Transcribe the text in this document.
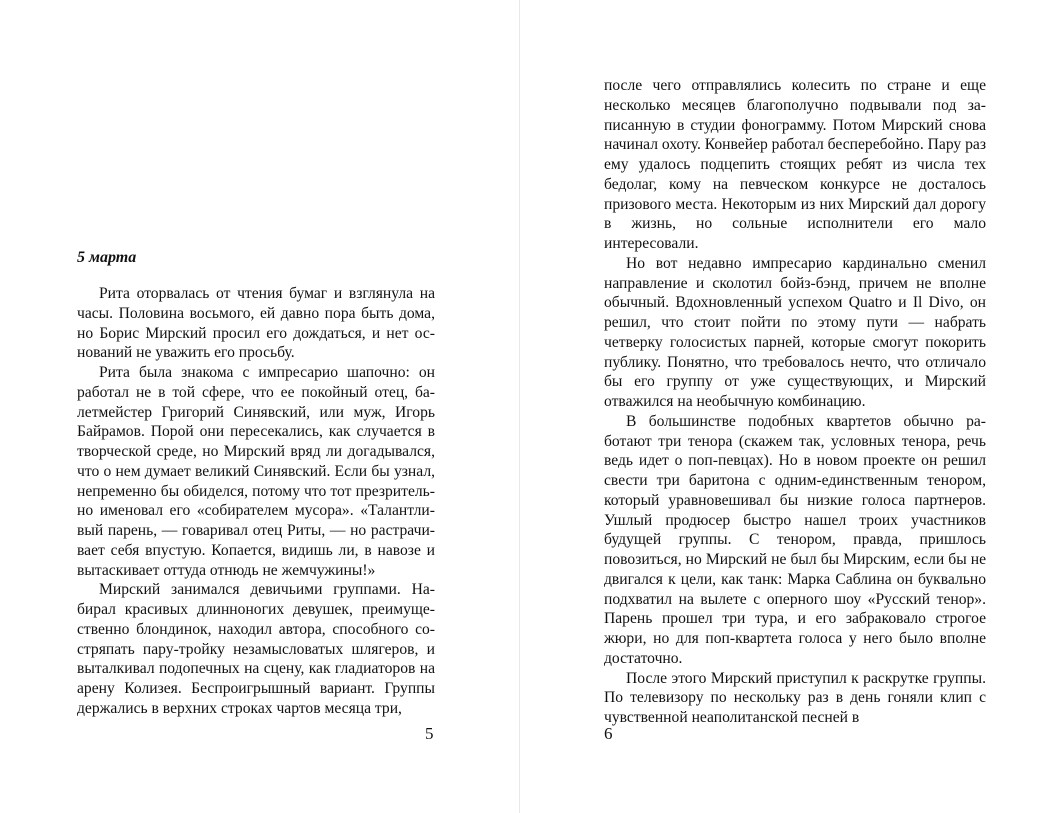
5 марта

Рита оторвалась от чтения бумаг и взглянула на часы. Половина восьмого, ей давно пора быть дома, но Борис Мирский просил его дождаться, и нет оснований не уважить его просьбу.

Рита была знакома с импресарио шапочно: он работал не в той сфере, что ее покойный отец, балетмейстер Григорий Синявский, или муж, Игорь Байрамов. Порой они пересекались, как случается в творческой среде, но Мирский вряд ли догадывался, что о нем думает великий Синявский. Если бы узнал, непременно бы обиделся, потому что тот презрительно именовал его «собирателем мусора». «Талантливый парень, — говаривал отец Риты, — но растрачивает себя впустую. Копается, видишь ли, в навозе и вытаскивает оттуда отнюдь не жемчужины!»

Мирский занимался девичьими группами. Набирал красивых длинноногих девушек, преимущественно блондинок, находил автора, способного состряпать пару-тройку незамысловатых шлягеров, и выталкивал подопечных на сцену, как гладиаторов на арену Колизея. Беспроигрышный вариант. Группы держались в верхних строках чартов месяца три,

5

после чего отправлялись колесить по стране и еще несколько месяцев благополучно подвывали под записанную в студии фонограмму. Потом Мирский снова начинал охоту. Конвейер работал бесперебойно. Пару раз ему удалось подцепить стоящих ребят из числа тех бедолаг, кому на певческом конкурсе не досталось призового места. Некоторым из них Мирский дал дорогу в жизнь, но сольные исполнители его мало интересовали.

Но вот недавно импресарио кардинально сменил направление и сколотил бойз-бэнд, причем не вполне обычный. Вдохновленный успехом Quatro и Il Divo, он решил, что стоит пойти по этому пути — набрать четверку голосистых парней, которые смогут покорить публику. Понятно, что требовалось нечто, что отличало бы его группу от уже существующих, и Мирский отважился на необычную комбинацию.

В большинстве подобных квартетов обычно работают три тенора (скажем так, условных тенора, речь ведь идет о поп-певцах). Но в новом проекте он решил свести три баритона с одним-единственным тенором, который уравновешивал бы низкие голоса партнеров. Ушлый продюсер быстро нашел троих участников будущей группы. С тенором, правда, пришлось повозиться, но Мирский не был бы Мирским, если бы не двигался к цели, как танк: Марка Саблина он буквально подхватил на вылете с оперного шоу «Русский тенор». Парень прошел три тура, и его забраковало строгое жюри, но для поп-квартета голоса у него было вполне достаточно.

После этого Мирский приступил к раскрутке группы. По телевизору по нескольку раз в день гоняли клип с чувственной неаполитанской песней в

6
